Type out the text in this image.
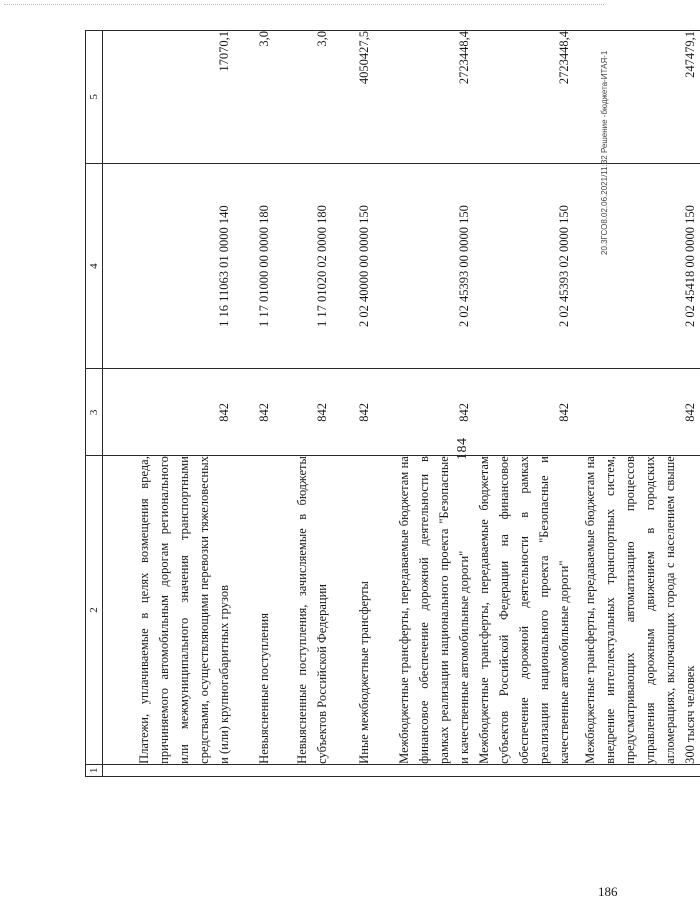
184
1	2	3	4	5
	Платежи, уплачиваемые в целях возмещения вреда, причиняемого автомобильным дорогам регионального или межмуниципального значения транспортными средствами, осуществляющими перевозки тяжеловесных и (или) крупногабаритных грузов	842	1 16 11063 01 0000 140	17070,1
	Невыясненные поступления	842	1 17 01000 00 0000 180	3,0
	Невыясненные поступления, зачисляемые в бюджеты субъектов Российской Федерации	842	1 17 01020 02 0000 180	3,0
	Иные межбюджетные трансферты	842	2 02 40000 00 0000 150	4050427,5
	Межбюджетные трансферты, передаваемые бюджетам на финансовое обеспечение дорожной деятельности в рамках реализации национального проекта "Безопасные и качественные автомобильные дороги"	842	2 02 45393 00 0000 150	2723448,4
	Межбюджетные трансферты, передаваемые бюджетам субъектов Российской Федерации на финансовое обеспечение дорожной деятельности в рамках реализации национального проекта "Безопасные и качественные автомобильные дороги"	842	2 02 45393 02 0000 150	2723448,4
	Межбюджетные трансферты, передаваемые бюджетам на внедрение интеллектуальных транспортных систем, предусматривающих автоматизацию процессов управления дорожным движением в городских агломерациях, включающих города с населением свыше 300 тысяч человек	842	2 02 45418 00 0000 150	247479,1
20.3ГСО8.02.06.2021/11:32 Решение -бюджета-ИТАЯ-1
186
